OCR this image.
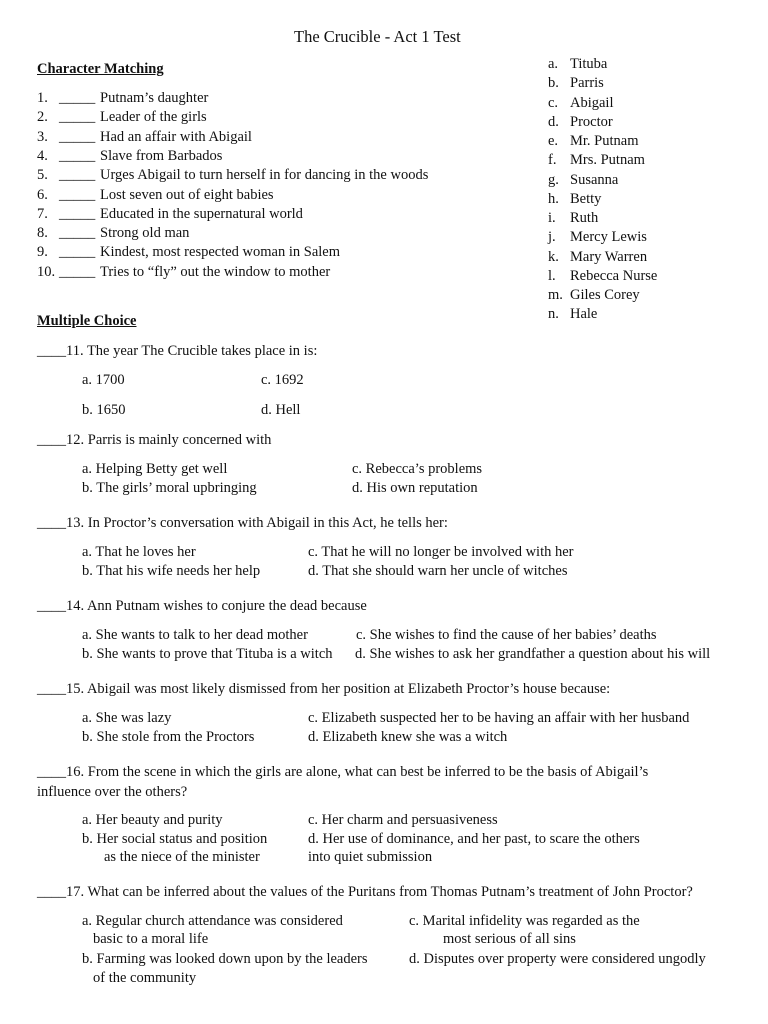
The Crucible - Act 1 Test
Character Matching
1. _____ Putnam’s daughter
2. _____ Leader of the girls
3. _____ Had an affair with Abigail
4. _____ Slave from Barbados
5. _____ Urges Abigail to turn herself in for dancing in the woods
6. _____ Lost seven out of eight babies
7. _____ Educated in the supernatural world
8. _____ Strong old man
9. _____ Kindest, most respected woman in Salem
10. _____ Tries to “fly” out the window to mother
a. Tituba
b. Parris
c. Abigail
d. Proctor
e. Mr. Putnam
f. Mrs. Putnam
g. Susanna
h. Betty
i. Ruth
j. Mercy Lewis
k. Mary Warren
l. Rebecca Nurse
m. Giles Corey
n. Hale
Multiple Choice
____11. The year The Crucible takes place in is:
a. 1700	c. 1692
b. 1650	d. Hell
____12. Parris is mainly concerned with
a. Helping Betty get well	c. Rebecca’s problems
b. The girls’ moral upbringing	d. His own reputation
____13. In Proctor’s conversation with Abigail in this Act, he tells her:
a. That he loves her	c. That he will no longer be involved with her
b. That his wife needs her help	d. That she should warn her uncle of witches
____14. Ann Putnam wishes to conjure the dead because
a. She wants to talk to her dead mother	c. She wishes to find the cause of her babies’ deaths
b. She wants to prove that Tituba is a witch d. She wishes to ask her grandfather a question about his will
____15. Abigail was most likely dismissed from her position at Elizabeth Proctor’s house because:
a. She was lazy	c. Elizabeth suspected her to be having an affair with her husband
b. She stole from the Proctors	d. Elizabeth knew she was a witch
____16. From the scene in which the girls are alone, what can best be inferred to be the basis of Abigail’s
influence over the others?
a. Her beauty and purity	c. Her charm and persuasiveness
b. Her social status and position
as the niece of the minister
d. Her use of dominance, and her past, to scare the others
into quiet submission
____17. What can be inferred about the values of the Puritans from Thomas Putnam’s treatment of John Proctor?
a. Regular church attendance was considered
basic to a moral life
c. Marital infidelity was regarded as the
most serious of all sins
b. Farming was looked down upon by the leaders
of the community
d. Disputes over property were considered ungodly
